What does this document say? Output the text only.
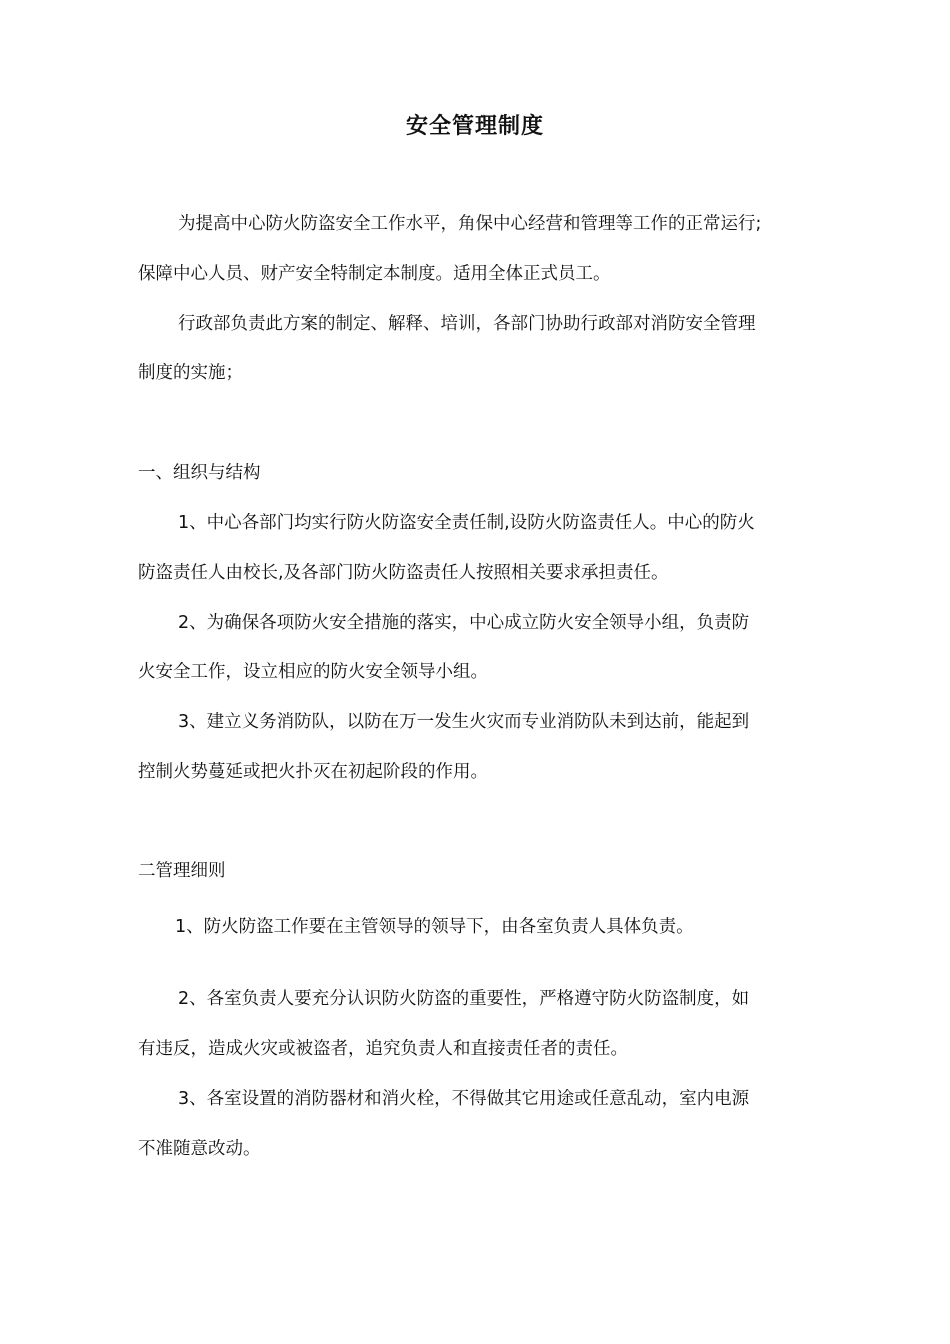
安全管理制度
为提高中心防火防盗安全工作水平，角保中心经营和管理等工作的正常运行;
保障中心人员、财产安全特制定本制度。适用全体正式员工。
行政部负责此方案的制定、解释、培训，各部门协助行政部对消防安全管理
制度的实施；
一、组织与结构
1、中心各部门均实行防火防盗安全责任制,设防火防盗责任人。中心的防火
防盗责任人由校长,及各部门防火防盗责任人按照相关要求承担责任。
2、为确保各项防火安全措施的落实，中心成立防火安全领导小组，负责防
火安全工作，设立相应的防火安全领导小组。
3、建立义务消防队，以防在万一发生火灾而专业消防队未到达前，能起到
控制火势蔓延或把火扑灭在初起阶段的作用。
二管理细则
1、防火防盗工作要在主管领导的领导下，由各室负责人具体负责。
2、各室负责人要充分认识防火防盗的重要性，严格遵守防火防盗制度，如
有违反，造成火灾或被盗者，追究负责人和直接责任者的责任。
3、各室设置的消防器材和消火栓，不得做其它用途或任意乱动，室内电源
不准随意改动。
